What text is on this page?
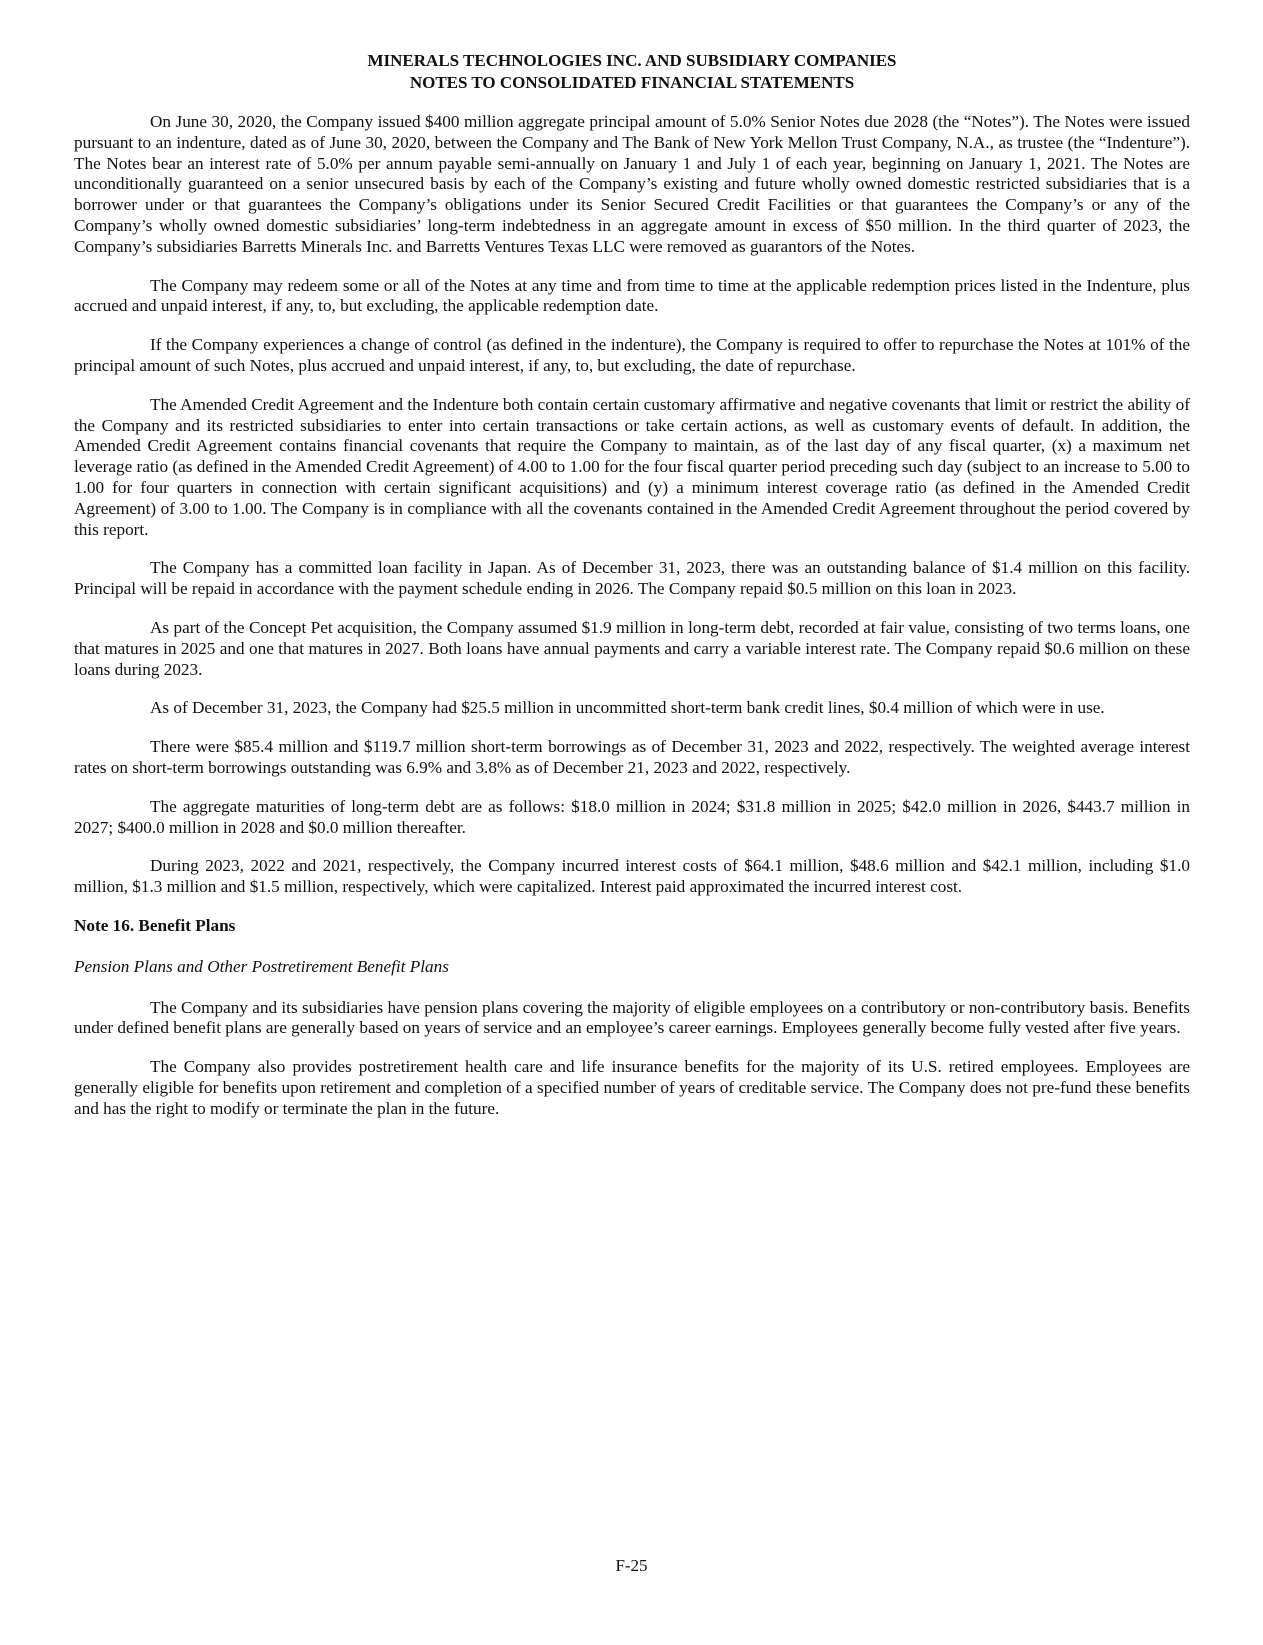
MINERALS TECHNOLOGIES INC. AND SUBSIDIARY COMPANIES
NOTES TO CONSOLIDATED FINANCIAL STATEMENTS

On June 30, 2020, the Company issued $400 million aggregate principal amount of 5.0% Senior Notes due 2028 (the “Notes”). The Notes were issued pursuant to an indenture, dated as of June 30, 2020, between the Company and The Bank of New York Mellon Trust Company, N.A., as trustee (the “Indenture”). The Notes bear an interest rate of 5.0% per annum payable semi-annually on January 1 and July 1 of each year, beginning on January 1, 2021. The Notes are unconditionally guaranteed on a senior unsecured basis by each of the Company’s existing and future wholly owned domestic restricted subsidiaries that is a borrower under or that guarantees the Company’s obligations under its Senior Secured Credit Facilities or that guarantees the Company’s or any of the Company’s wholly owned domestic subsidiaries’ long-term indebtedness in an aggregate amount in excess of $50 million. In the third quarter of 2023, the Company’s subsidiaries Barretts Minerals Inc. and Barretts Ventures Texas LLC were removed as guarantors of the Notes.

The Company may redeem some or all of the Notes at any time and from time to time at the applicable redemption prices listed in the Indenture, plus accrued and unpaid interest, if any, to, but excluding, the applicable redemption date.

If the Company experiences a change of control (as defined in the indenture), the Company is required to offer to repurchase the Notes at 101% of the principal amount of such Notes, plus accrued and unpaid interest, if any, to, but excluding, the date of repurchase.

The Amended Credit Agreement and the Indenture both contain certain customary affirmative and negative covenants that limit or restrict the ability of the Company and its restricted subsidiaries to enter into certain transactions or take certain actions, as well as customary events of default. In addition, the Amended Credit Agreement contains financial covenants that require the Company to maintain, as of the last day of any fiscal quarter, (x) a maximum net leverage ratio (as defined in the Amended Credit Agreement) of 4.00 to 1.00 for the four fiscal quarter period preceding such day (subject to an increase to 5.00 to 1.00 for four quarters in connection with certain significant acquisitions) and (y) a minimum interest coverage ratio (as defined in the Amended Credit Agreement) of 3.00 to 1.00. The Company is in compliance with all the covenants contained in the Amended Credit Agreement throughout the period covered by this report.

The Company has a committed loan facility in Japan. As of December 31, 2023, there was an outstanding balance of $1.4 million on this facility. Principal will be repaid in accordance with the payment schedule ending in 2026. The Company repaid $0.5 million on this loan in 2023.

As part of the Concept Pet acquisition, the Company assumed $1.9 million in long-term debt, recorded at fair value, consisting of two terms loans, one that matures in 2025 and one that matures in 2027. Both loans have annual payments and carry a variable interest rate. The Company repaid $0.6 million on these loans during 2023.

As of December 31, 2023, the Company had $25.5 million in uncommitted short-term bank credit lines, $0.4 million of which were in use.

There were $85.4 million and $119.7 million short-term borrowings as of December 31, 2023 and 2022, respectively. The weighted average interest rates on short-term borrowings outstanding was 6.9% and 3.8% as of December 21, 2023 and 2022, respectively.

The aggregate maturities of long-term debt are as follows: $18.0 million in 2024; $31.8 million in 2025; $42.0 million in 2026, $443.7 million in 2027; $400.0 million in 2028 and $0.0 million thereafter.

During 2023, 2022 and 2021, respectively, the Company incurred interest costs of $64.1 million, $48.6 million and $42.1 million, including $1.0 million, $1.3 million and $1.5 million, respectively, which were capitalized. Interest paid approximated the incurred interest cost.

Note 16. Benefit Plans
Pension Plans and Other Postretirement Benefit Plans

The Company and its subsidiaries have pension plans covering the majority of eligible employees on a contributory or non-contributory basis. Benefits under defined benefit plans are generally based on years of service and an employee’s career earnings. Employees generally become fully vested after five years.

The Company also provides postretirement health care and life insurance benefits for the majority of its U.S. retired employees. Employees are generally eligible for benefits upon retirement and completion of a specified number of years of creditable service. The Company does not pre-fund these benefits and has the right to modify or terminate the plan in the future.

F-25
